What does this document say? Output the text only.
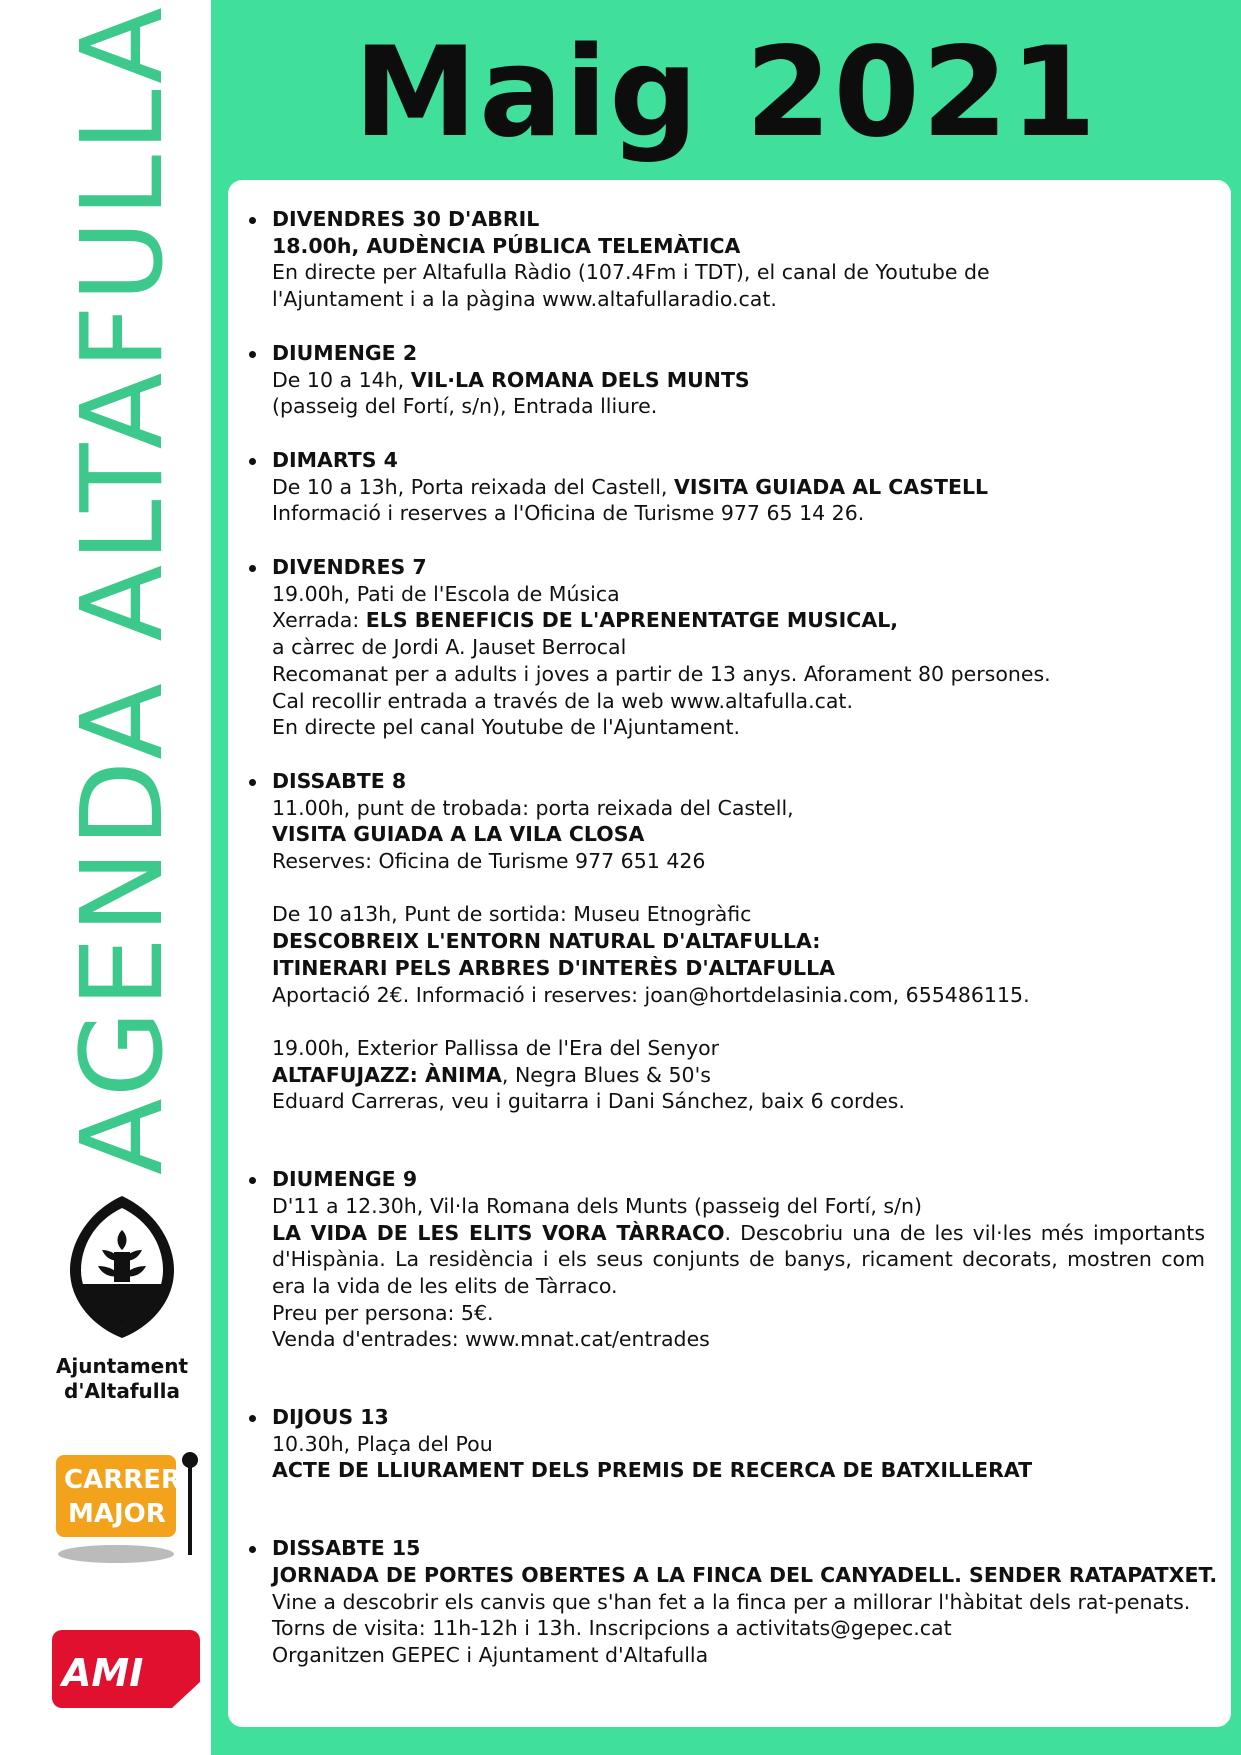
Maig 2021
AGENDA ALTAFULLA
Ajuntament
d'Altafulla
CARRER
MAJOR
AMI
DIVENDRES 30 D'ABRIL
18.00h, AUDÈNCIA PÚBLICA TELEMÀTICA
En directe per Altafulla Ràdio (107.4Fm i TDT), el canal de Youtube de
l'Ajuntament i a la pàgina www.altafullaradio.cat.
DIUMENGE 2
De 10 a 14h, VIL·LA ROMANA DELS MUNTS
(passeig del Fortí, s/n), Entrada lliure.
DIMARTS 4
De 10 a 13h, Porta reixada del Castell, VISITA GUIADA AL CASTELL
Informació i reserves a l'Oficina de Turisme 977 65 14 26.
DIVENDRES 7
19.00h, Pati de l'Escola de Música
Xerrada: ELS BENEFICIS DE L'APRENENTATGE MUSICAL,
a càrrec de Jordi A. Jauset Berrocal
Recomanat per a adults i joves a partir de 13 anys. Aforament 80 persones.
Cal recollir entrada a través de la web www.altafulla.cat.
En directe pel canal Youtube de l'Ajuntament.
DISSABTE 8
11.00h, punt de trobada: porta reixada del Castell,
VISITA GUIADA A LA VILA CLOSA
Reserves: Oficina de Turisme 977 651 426

De 10 a13h, Punt de sortida: Museu Etnogràfic
DESCOBREIX L'ENTORN NATURAL D'ALTAFULLA:
ITINERARI PELS ARBRES D'INTERÈS D'ALTAFULLA
Aportació 2€. Informació i reserves: joan@hortdelasinia.com, 655486115.

19.00h, Exterior Pallissa de l'Era del Senyor
ALTAFUJAZZ: ÀNIMA, Negra Blues & 50's
Eduard Carreras, veu i guitarra i Dani Sánchez, baix 6 cordes.
DIUMENGE 9
D'11 a 12.30h, Vil·la Romana dels Munts (passeig del Fortí, s/n)
LA VIDA DE LES ELITS VORA TÀRRACO. Descobriu una de les vil·les més importants d'Hispània. La residència i els seus conjunts de banys, ricament decorats, mostren com era la vida de les elits de Tàrraco.
Preu per persona: 5€.
Venda d'entrades: www.mnat.cat/entrades
DIJOUS 13
10.30h, Plaça del Pou
ACTE DE LLIURAMENT DELS PREMIS DE RECERCA DE BATXILLERAT
DISSABTE 15
JORNADA DE PORTES OBERTES A LA FINCA DEL CANYADELL. SENDER RATAPATXET.
Vine a descobrir els canvis que s'han fet a la finca per a millorar l'hàbitat dels rat-penats.
Torns de visita: 11h-12h i 13h. Inscripcions a activitats@gepec.cat
Organitzen GEPEC i Ajuntament d'Altafulla
